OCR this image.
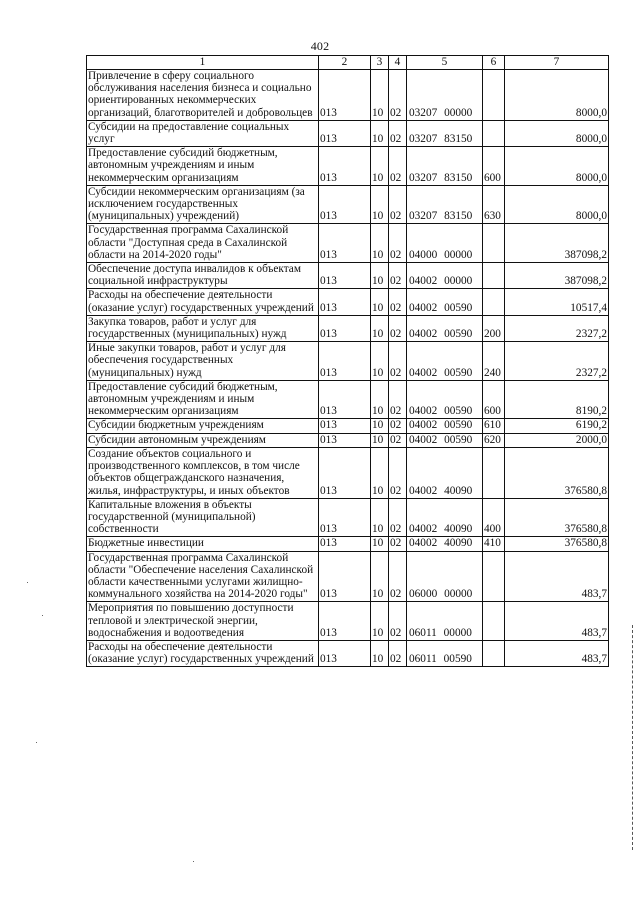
402
1	2	3	4	5	6	7
Привлечение в сферу социального обслуживания населения бизнеса и социально ориентированных некоммерческих организаций, благотворителей и добровольцев	013	10	02	03207 00000		8000,0
Субсидии на предоставление социальных услуг	013	10	02	03207 83150		8000,0
Предоставление субсидий бюджетным, автономным учреждениям и иным некоммерческим организациям	013	10	02	03207 83150	600	8000,0
Субсидии некоммерческим организациям (за исключением государственных (муниципальных) учреждений)	013	10	02	03207 83150	630	8000,0
Государственная программа Сахалинской области "Доступная среда в Сахалинской области на 2014-2020 годы"	013	10	02	04000 00000		387098,2
Обеспечение доступа инвалидов к объектам социальной инфраструктуры	013	10	02	04002 00000		387098,2
Расходы на обеспечение деятельности (оказание услуг) государственных учреждений	013	10	02	04002 00590		10517,4
Закупка товаров, работ и услуг для государственных (муниципальных) нужд	013	10	02	04002 00590	200	2327,2
Иные закупки товаров, работ и услуг для обеспечения государственных (муниципальных) нужд	013	10	02	04002 00590	240	2327,2
Предоставление субсидий бюджетным, автономным учреждениям и иным некоммерческим организациям	013	10	02	04002 00590	600	8190,2
Субсидии бюджетным учреждениям	013	10	02	04002 00590	610	6190,2
Субсидии автономным учреждениям	013	10	02	04002 00590	620	2000,0
Создание объектов социального и производственного комплексов, в том числе объектов общегражданского назначения, жилья, инфраструктуры, и иных объектов	013	10	02	04002 40090		376580,8
Капитальные вложения в объекты государственной (муниципальной) собственности	013	10	02	04002 40090	400	376580,8
Бюджетные инвестиции	013	10	02	04002 40090	410	376580,8
Государственная программа Сахалинской области "Обеспечение населения Сахалинской области качественными услугами жилищно-коммунального хозяйства на 2014-2020 годы"	013	10	02	06000 00000		483,7
Мероприятия по повышению доступности тепловой и электрической энергии, водоснабжения и водоотведения	013	10	02	06011 00000		483,7
Расходы на обеспечение деятельности (оказание услуг) государственных учреждений	013	10	02	06011 00590		483,7
